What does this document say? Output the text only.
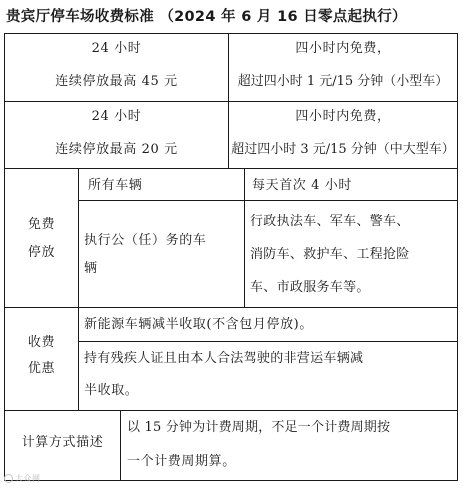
贵宾厅停车场收费标准 （2024 年 6 月 16 日零点起执行）
24 小时
连续停放最高 45 元
四小时内免费，
超过四小时 1 元/15 分钟（小型车）
24 小时
连续停放最高 20 元
四小时内免费，
超过四小时 3 元/15 分钟（中大型车）
免费
停放
所有车辆	每天首次 4 小时
执行公（任）务的车
辆
行政执法车、军车、警车、
消防车、救护车、工程抢险
车、市政服务车等。
收费
优惠
新能源车辆减半收取(不含包月停放)。
持有残疾人证且由本人合法驾驶的非营运车辆减
半收取。
计算方式描述
以 15 分钟为计费周期，不足一个计费周期按
一个计费周期算。
大众网
